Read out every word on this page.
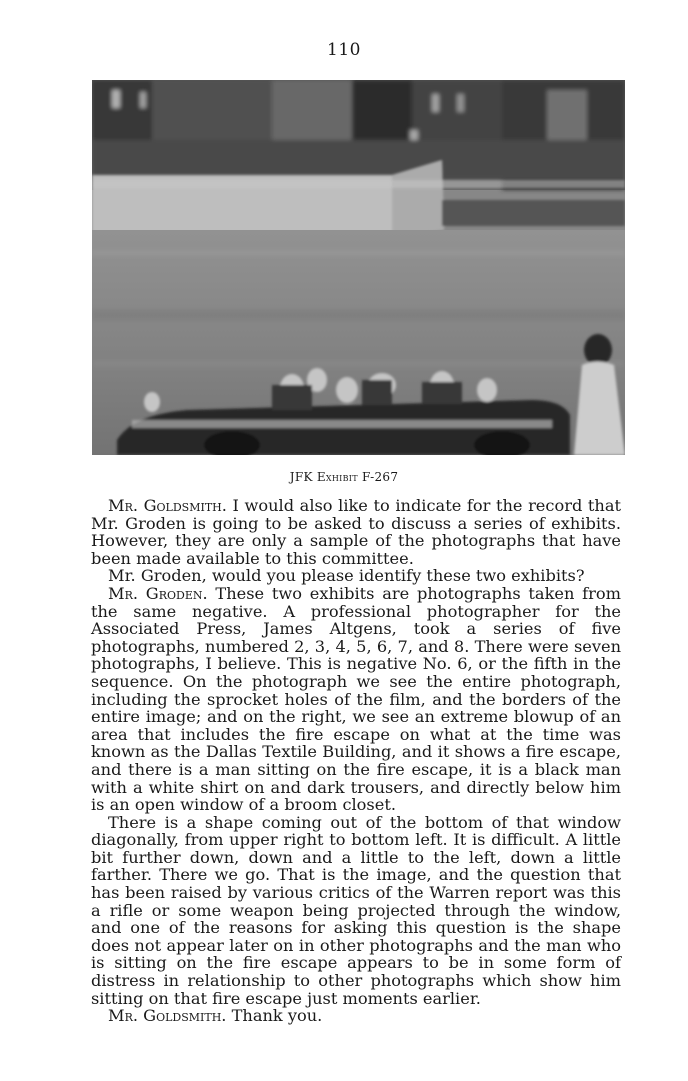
110
JFK Exhibit F-267

Mr. Goldsmith. I would also like to indicate for the record that Mr. Groden is going to be asked to discuss a series of exhibits. However, they are only a sample of the photographs that have been made available to this committee.

Mr. Groden, would you please identify these two exhibits?

Mr. Groden. These two exhibits are photographs taken from the same negative. A professional photographer for the Associated Press, James Altgens, took a series of five photographs, numbered 2, 3, 4, 5, 6, 7, and 8. There were seven photographs, I believe. This is negative No. 6, or the fifth in the sequence. On the photograph we see the entire photograph, including the sprocket holes of the film, and the borders of the entire image; and on the right, we see an extreme blowup of an area that includes the fire escape on what at the time was known as the Dallas Textile Building, and it shows a fire escape, and there is a man sitting on the fire escape, it is a black man with a white shirt on and dark trousers, and directly below him is an open window of a broom closet.

There is a shape coming out of the bottom of that window diagonally, from upper right to bottom left. It is difficult. A little bit further down, down and a little to the left, down a little farther. There we go. That is the image, and the question that has been raised by various critics of the Warren report was this a rifle or some weapon being projected through the window, and one of the reasons for asking this question is the shape does not appear later on in other photographs and the man who is sitting on the fire escape appears to be in some form of distress in relationship to other photographs which show him sitting on that fire escape just moments earlier.

Mr. Goldsmith. Thank you.
